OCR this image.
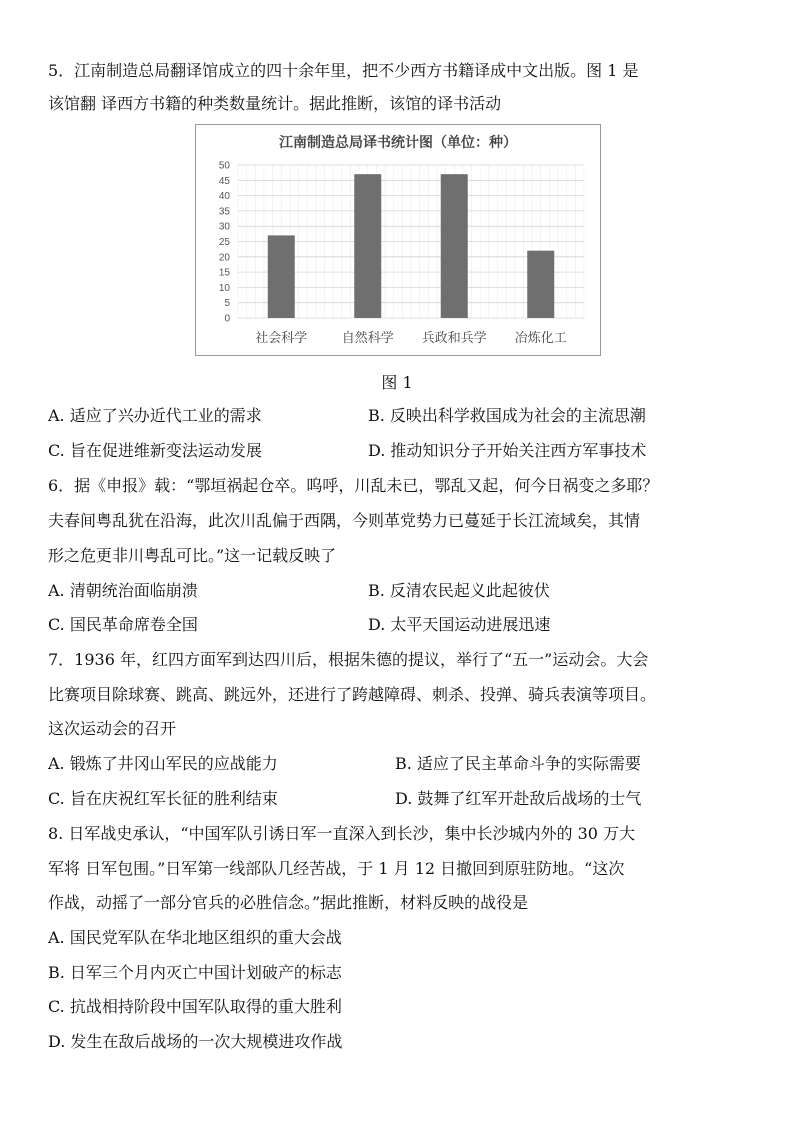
5．江南制造总局翻译馆成立的四十余年里，把不少西方书籍译成中文出版。图 1 是
该馆翻 译西方书籍的种类数量统计。据此推断，该馆的译书活动
江南制造总局译书统计图（单位：种）
0
5
10
15
20
25
30
35
40
45
50
社会科学	自然科学 兵政和兵学 冶炼化工
图 1
A. 适应了兴办近代工业的需求	B. 反映出科学救国成为社会的主流思潮
C. 旨在促进维新变法运动发展	D. 推动知识分子开始关注西方军事技术
6．据《申报》载：“鄂垣祸起仓卒。呜呼，川乱未已，鄂乱又起，何今日祸变之多耶？
夫春间粤乱犹在沿海，此次川乱偏于西隅，今则革党势力已蔓延于长江流域矣，其情
形之危更非川粤乱可比。”这一记载反映了
A. 清朝统治面临崩溃	B. 反清农民起义此起彼伏
C. 国民革命席卷全国	D. 太平天国运动进展迅速
7．1936 年，红四方面军到达四川后，根据朱德的提议，举行了“五一”运动会。大会
比赛项目除球赛、跳高、跳远外，还进行了跨越障碍、刺杀、投弹、骑兵表演等项目。
这次运动会的召开
A. 锻炼了井冈山军民的应战能力	B. 适应了民主革命斗争的实际需要
C. 旨在庆祝红军长征的胜利结束	D. 鼓舞了红军开赴敌后战场的士气
8. 日军战史承认，“中国军队引诱日军一直深入到长沙，集中长沙城内外的 30 万大
军将 日军包围。”日军第一线部队几经苦战，于 1 月 12 日撤回到原驻防地。“这次
作战，动摇了一部分官兵的必胜信念。”据此推断，材料反映的战役是
A. 国民党军队在华北地区组织的重大会战
B. 日军三个月内灭亡中国计划破产的标志
C. 抗战相持阶段中国军队取得的重大胜利
D. 发生在敌后战场的一次大规模进攻作战
